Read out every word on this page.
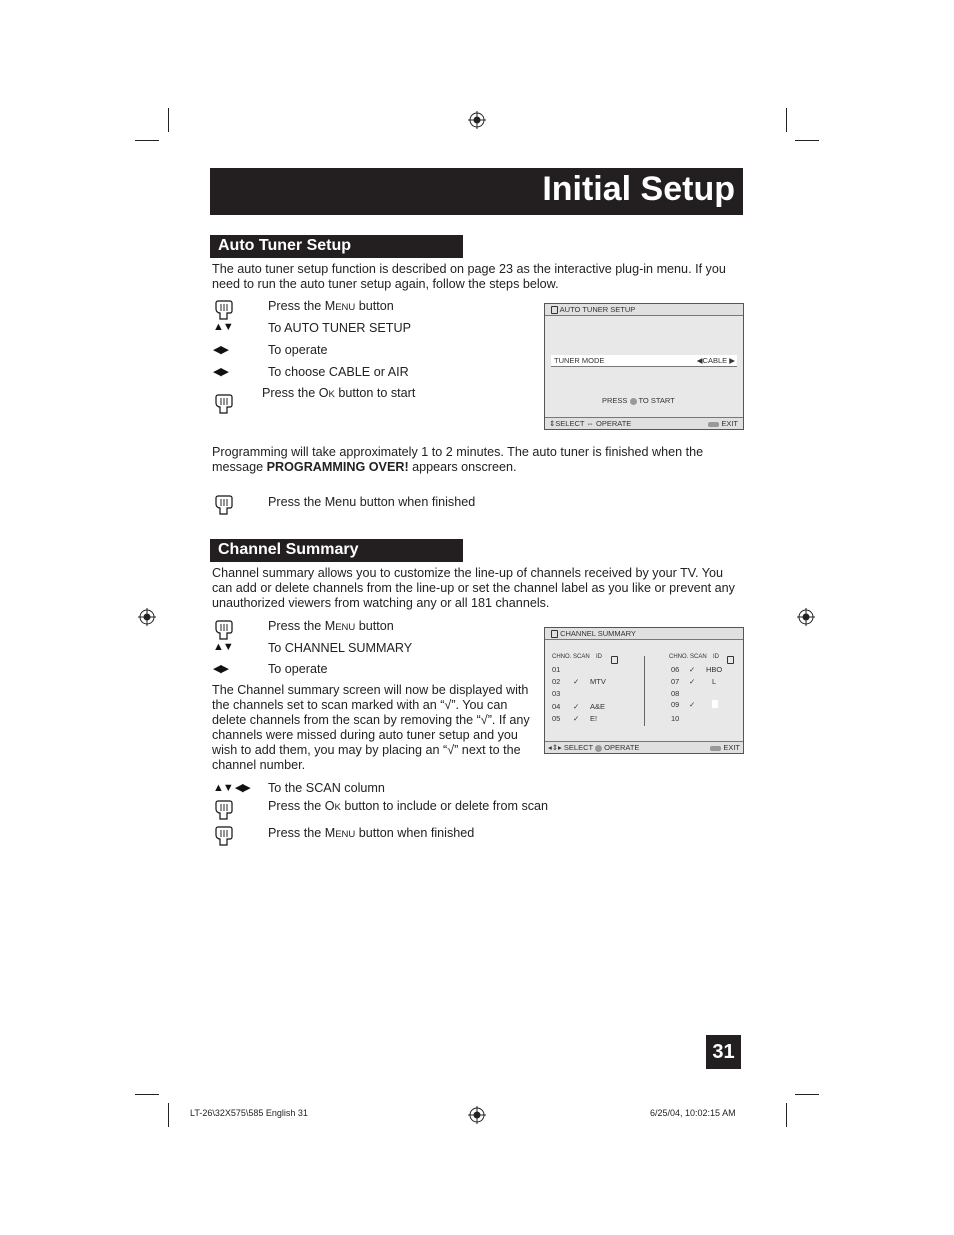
Initial Setup
Auto Tuner Setup
The auto tuner setup function is described on page 23 as the interactive plug-in menu. If you need to run the auto tuner setup again, follow the steps below.
Press the MENU button
▲▼	To AUTO TUNER SETUP
◀▶	To operate
◀▶	To choose CABLE or AIR
Press the OK button to start
AUTO TUNER SETUP
TUNER MODE	◀CABLE ▶
PRESS TO START
⇕SELECT ⇔ OPERATE	EXIT
Programming will take approximately 1 to 2 minutes. The auto tuner is finished when the message PROGRAMMING OVER! appears onscreen.
Press the Menu button when finished
Channel Summary
Channel summary allows you to customize the line-up of channels received by your TV. You can add or delete channels from the line-up or set the channel label as you like or prevent any unauthorized viewers from watching any or all 181 channels.
Press the MENU button
▲▼	To CHANNEL SUMMARY
◀▶	To operate
The Channel summary screen will now be displayed with the channels set to scan marked with an “√”. You can delete channels from the scan by removing the “√”. If any channels were missed during auto tuner setup and you wish to add them, you may by placing an “√” next to the channel number.
CHANNEL SUMMARY
CHNO. SCAN ID	CHNO. SCAN ID
01
02 ✓ MTV
03
04 ✓ A&E
05 ✓ E!
06 ✓ HBO
07 ✓ L
08
09 ✓
10
◂⇕▸ SELECT OPERATE	EXIT
▲▼ ◀▶ To the SCAN column
Press the OK button to include or delete from scan
Press the MENU button when finished
31
LT-26\32X575\585 English 31	6/25/04, 10:02:15 AM
